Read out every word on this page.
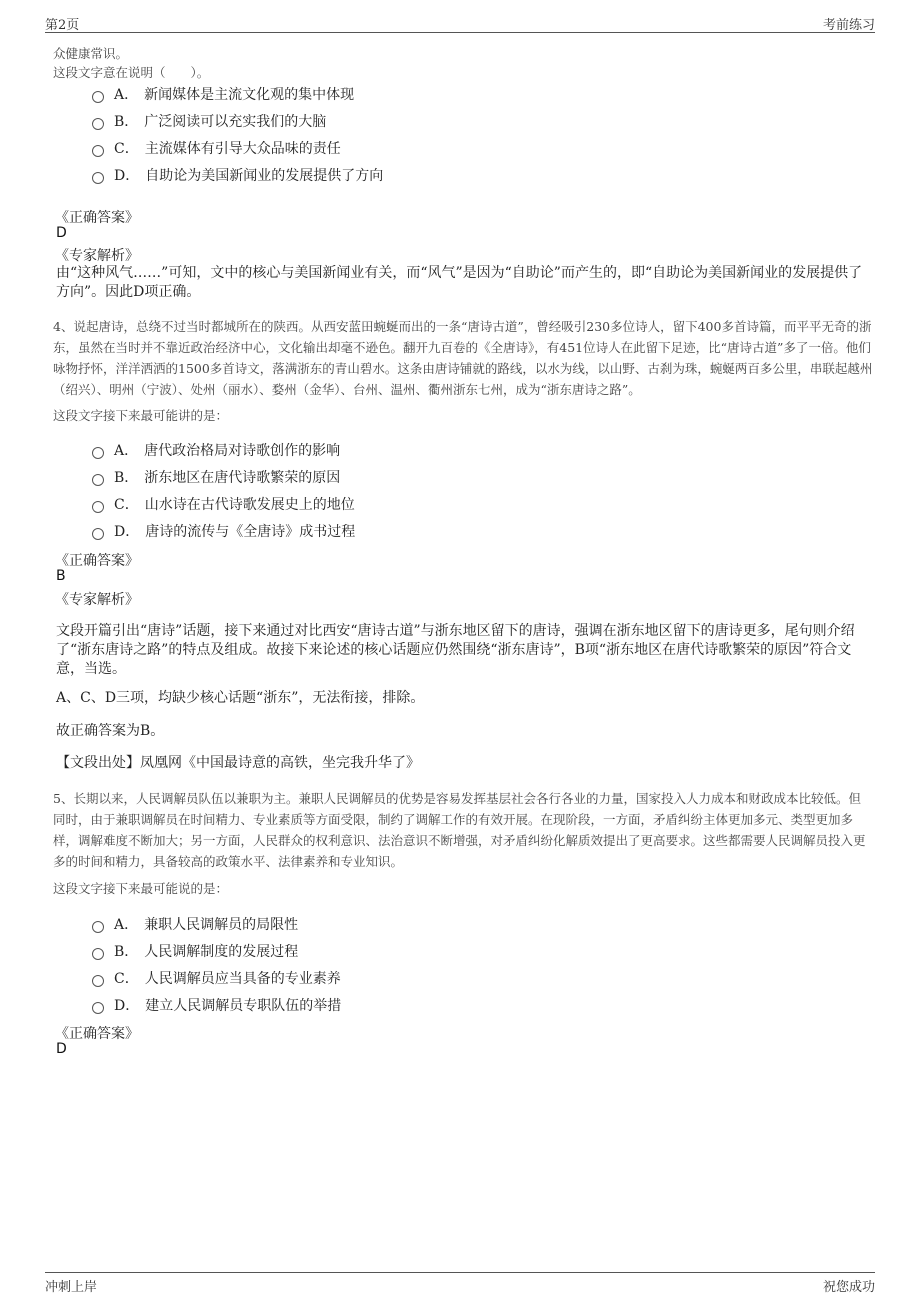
第2页	考前练习
众健康常识。
这段文字意在说明（　　）。
A． 新闻媒体是主流文化观的集中体现
B． 广泛阅读可以充实我们的大脑
C． 主流媒体有引导大众品味的责任
D． 自助论为美国新闻业的发展提供了方向
《正确答案》
D
《专家解析》
由“这种风气……”可知，文中的核心与美国新闻业有关，而“风气”是因为“自助论”而产生的，即“自助论为美国新闻业的发展提供了方向”。因此D项正确。
4、说起唐诗，总绕不过当时都城所在的陕西。从西安蓝田蜿蜒而出的一条“唐诗古道”，曾经吸引230多位诗人，留下400多首诗篇，而平平无奇的浙东，虽然在当时并不靠近政治经济中心，文化输出却毫不逊色。翻开九百卷的《全唐诗》，有451位诗人在此留下足迹，比“唐诗古道”多了一倍。他们咏物抒怀，洋洋洒洒的1500多首诗文，落满浙东的青山碧水。这条由唐诗铺就的路线，以水为线，以山野、古刹为珠，蜿蜒两百多公里，串联起越州（绍兴）、明州（宁波）、处州（丽水）、婺州（金华）、台州、温州、衢州浙东七州，成为“浙东唐诗之路”。
这段文字接下来最可能讲的是：
A． 唐代政治格局对诗歌创作的影响
B． 浙东地区在唐代诗歌繁荣的原因
C． 山水诗在古代诗歌发展史上的地位
D． 唐诗的流传与《全唐诗》成书过程
《正确答案》
B
《专家解析》
文段开篇引出“唐诗”话题，接下来通过对比西安“唐诗古道”与浙东地区留下的唐诗，强调在浙东地区留下的唐诗更多，尾句则介绍了“浙东唐诗之路”的特点及组成。故接下来论述的核心话题应仍然围绕“浙东唐诗”，B项“浙东地区在唐代诗歌繁荣的原因”符合文意，当选。
A、C、D三项，均缺少核心话题“浙东”，无法衔接，排除。
故正确答案为B。
【文段出处】凤凰网《中国最诗意的高铁，坐完我升华了》
5、长期以来，人民调解员队伍以兼职为主。兼职人民调解员的优势是容易发挥基层社会各行各业的力量，国家投入人力成本和财政成本比较低。但同时，由于兼职调解员在时间精力、专业素质等方面受限，制约了调解工作的有效开展。在现阶段，一方面，矛盾纠纷主体更加多元、类型更加多样，调解难度不断加大；另一方面，人民群众的权利意识、法治意识不断增强，对矛盾纠纷化解质效提出了更高要求。这些都需要人民调解员投入更多的时间和精力，具备较高的政策水平、法律素养和专业知识。
这段文字接下来最可能说的是：
A． 兼职人民调解员的局限性
B． 人民调解制度的发展过程
C． 人民调解员应当具备的专业素养
D． 建立人民调解员专职队伍的举措
《正确答案》
D
冲刺上岸	祝您成功
